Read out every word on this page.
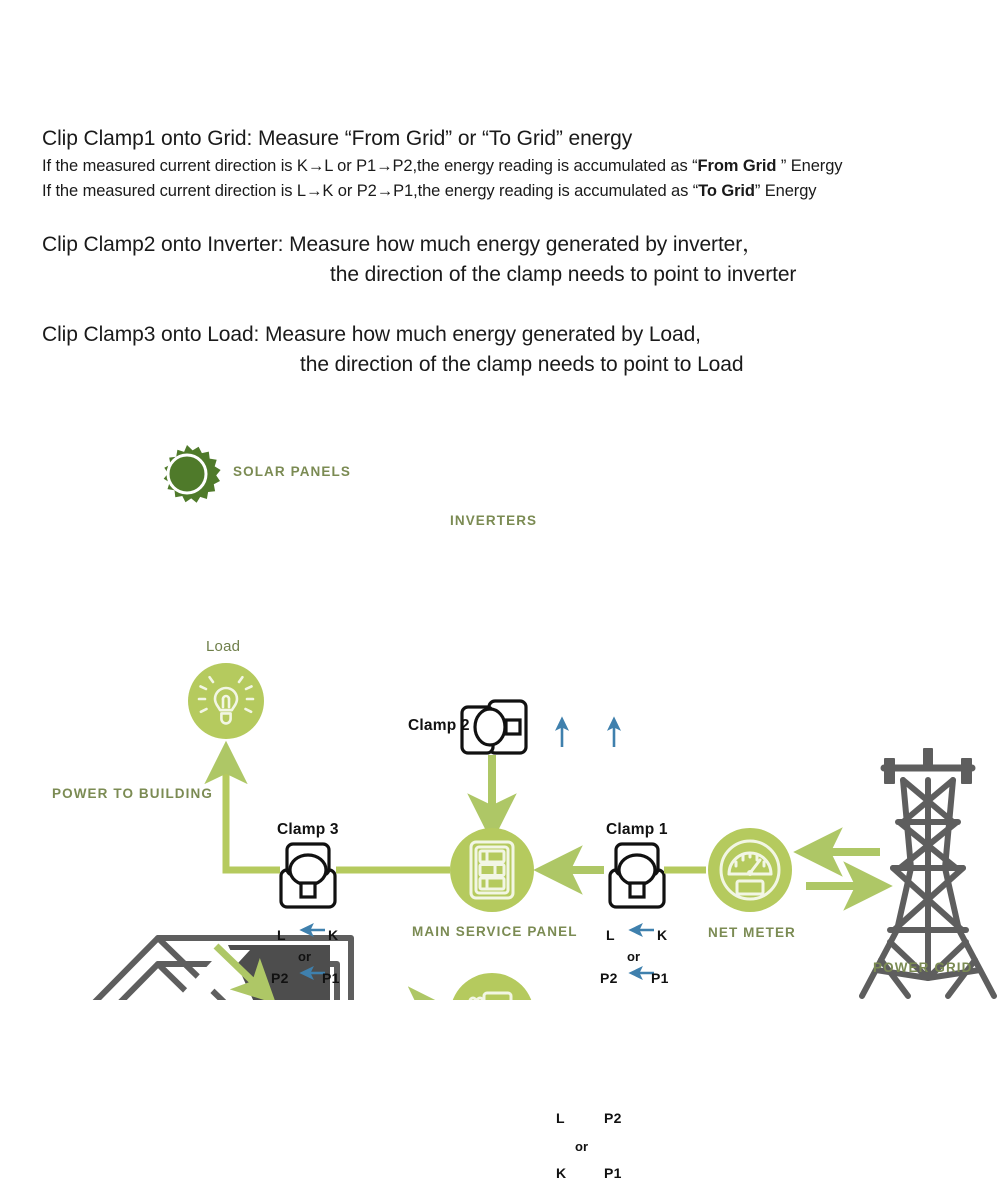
Clip Clamp1 onto Grid: Measure “From Grid” or “To Grid” energy
If the measured current direction is K→L or P1→P2,the energy reading is accumulated as “From Grid ” Energy
If the measured current direction is L→K or P2→P1,the energy reading is accumulated as “To Grid” Energy
Clip Clamp2 onto Inverter: Measure how much energy generated by inverter，
the direction of the clamp needs to point to inverter
Clip Clamp3 onto Load: Measure how much energy generated by Load,
the direction of the clamp needs to point to Load
SOLAR PANELS
INVERTERS
Load
POWER TO BUILDING
MAIN SERVICE PANEL	NET METER
POWER GRID
Clamp 2
L
K
or
P2
P1
Clamp 3
L	K
or
P2 P1
Clamp 1
L	K
or
P2 P1
